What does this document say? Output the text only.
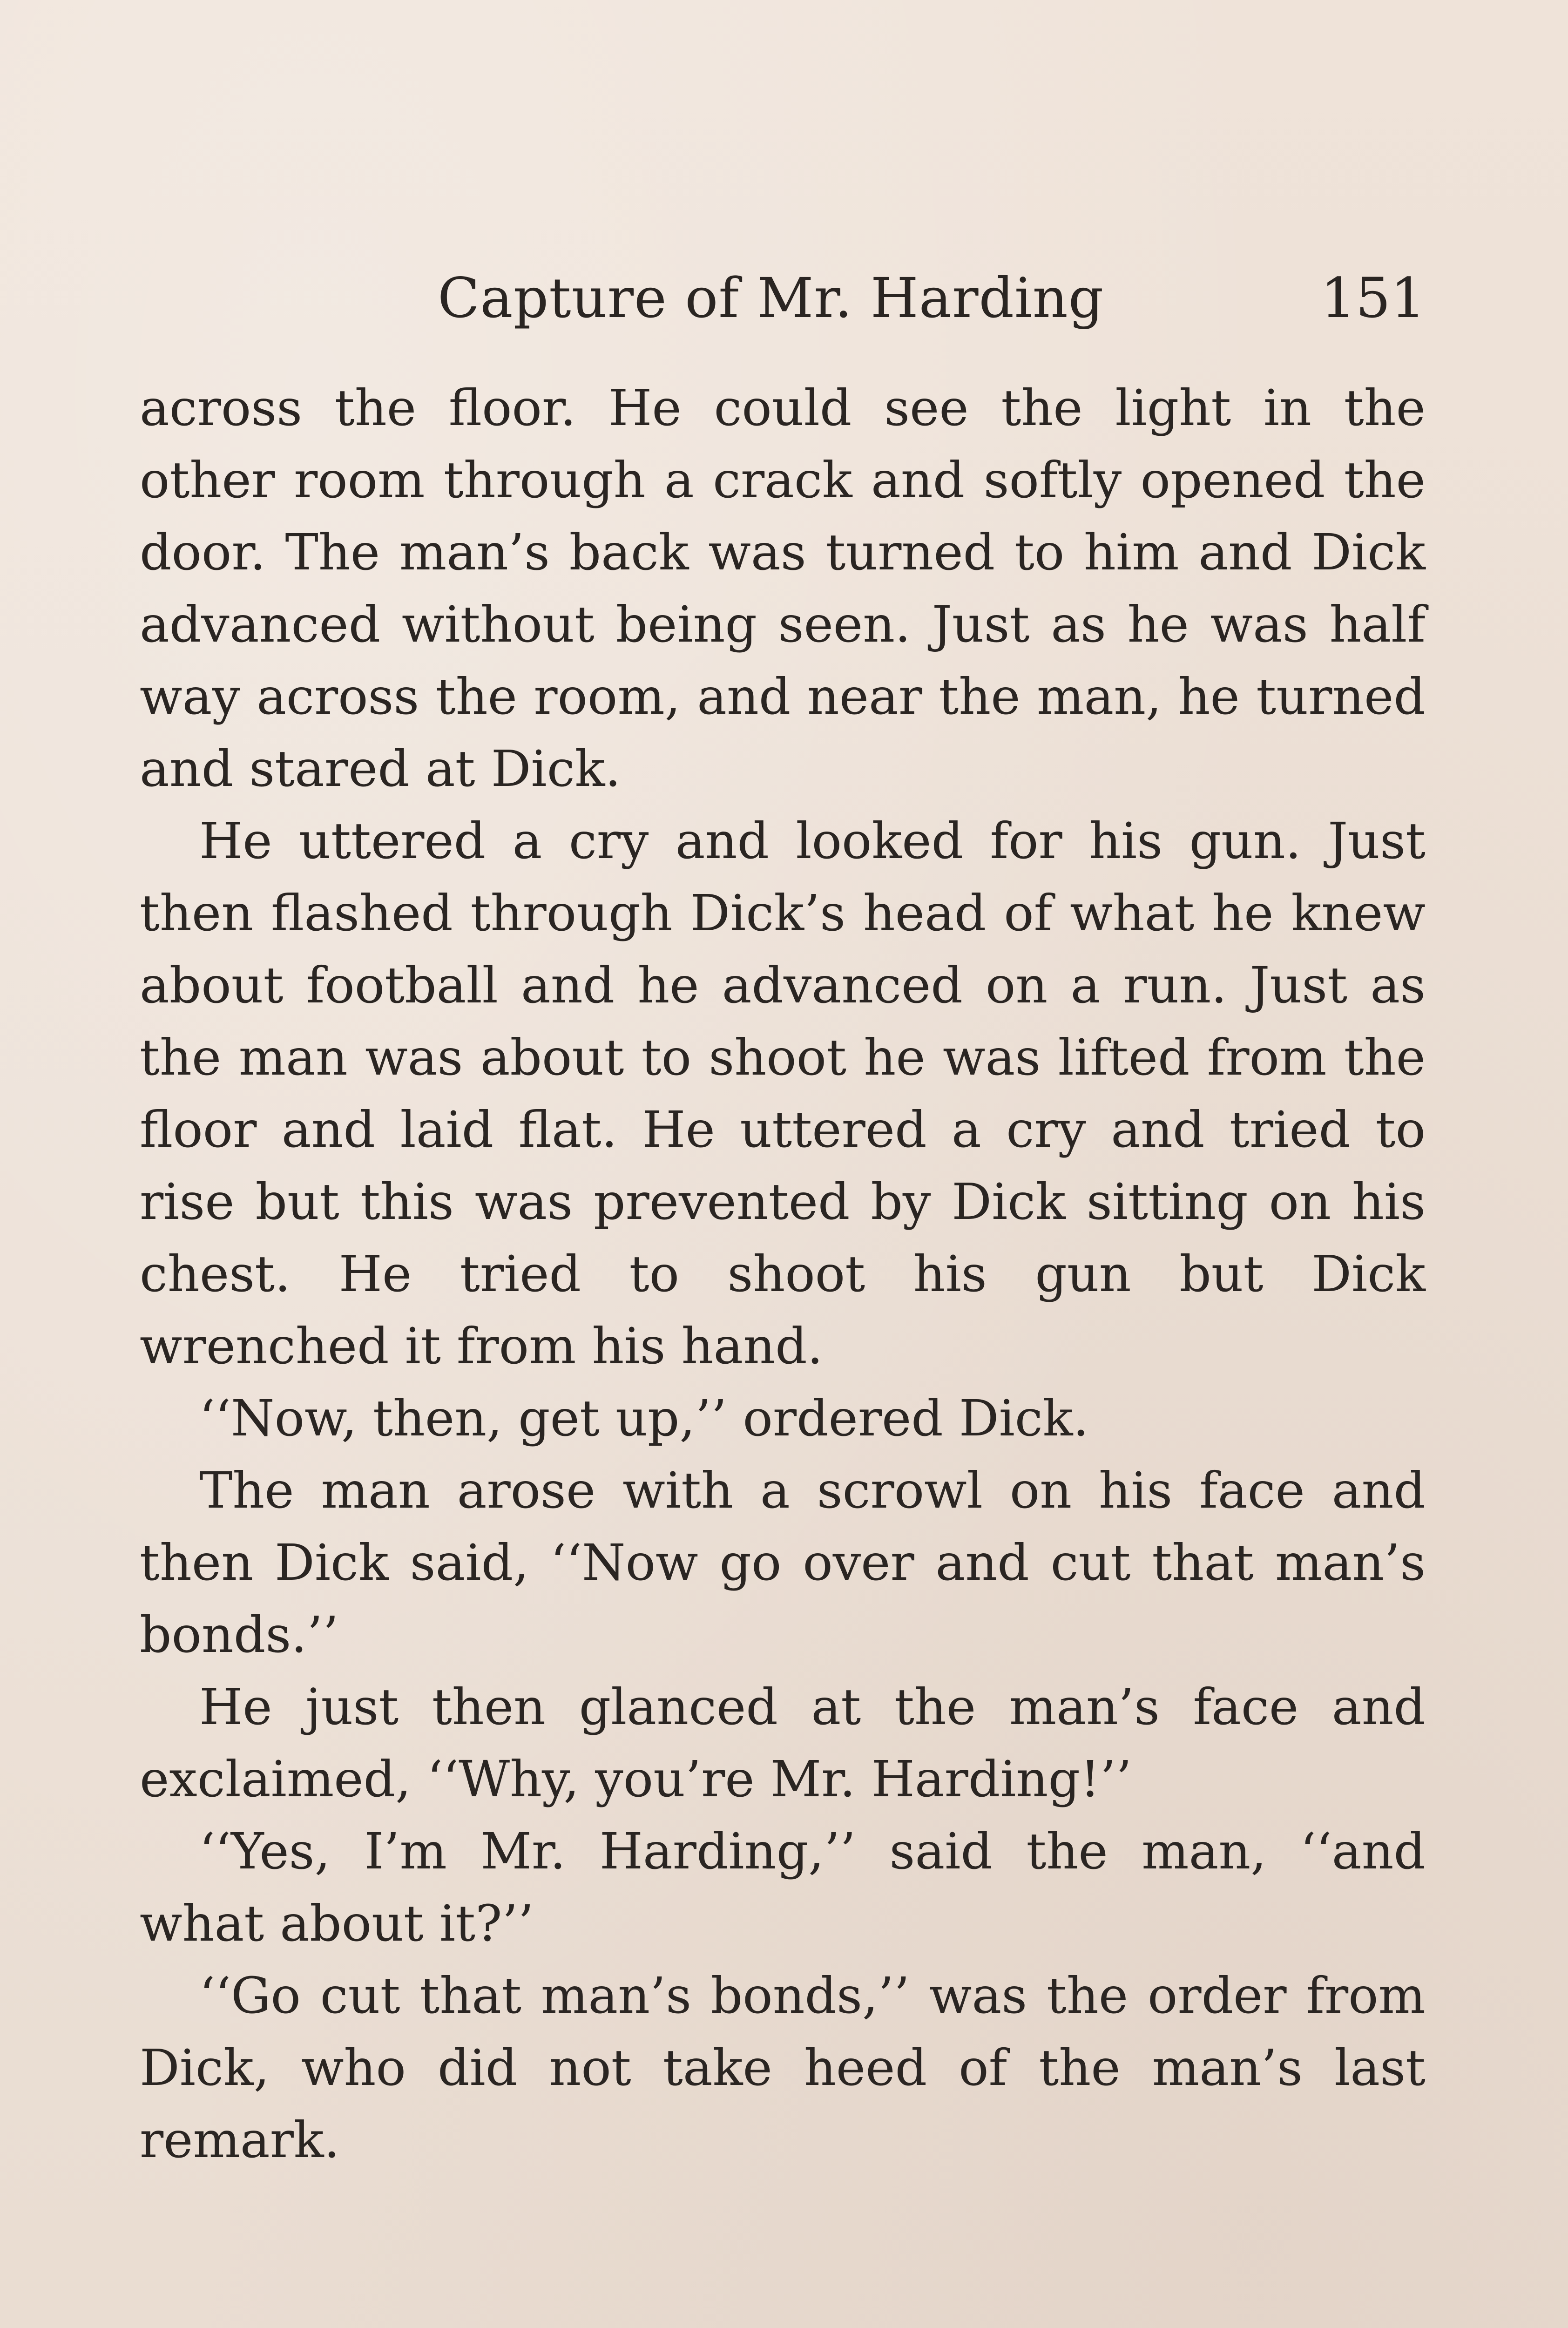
Capture of Mr. Harding	151

across the floor. He could see the light in the other room through a crack and softly opened the door. The man’s back was turned to him and Dick advanced without being seen. Just as he was half way across the room, and near the man, he turned and stared at Dick.

He uttered a cry and looked for his gun. Just then flashed through Dick’s head of what he knew about football and he advanced on a run. Just as the man was about to shoot he was lifted from the floor and laid flat. He uttered a cry and tried to rise but this was prevented by Dick sitting on his chest. He tried to shoot his gun but Dick wrenched it from his hand.

‘‘Now, then, get up,’’ ordered Dick.

The man arose with a scrowl on his face and then Dick said, ‘‘Now go over and cut that man’s bonds.’’

He just then glanced at the man’s face and exclaimed, ‘‘Why, you’re Mr. Harding!’’

‘‘Yes, I’m Mr. Harding,’’ said the man, ‘‘and what about it?’’

‘‘Go cut that man’s bonds,’’ was the order from Dick, who did not take heed of the man’s last remark.
